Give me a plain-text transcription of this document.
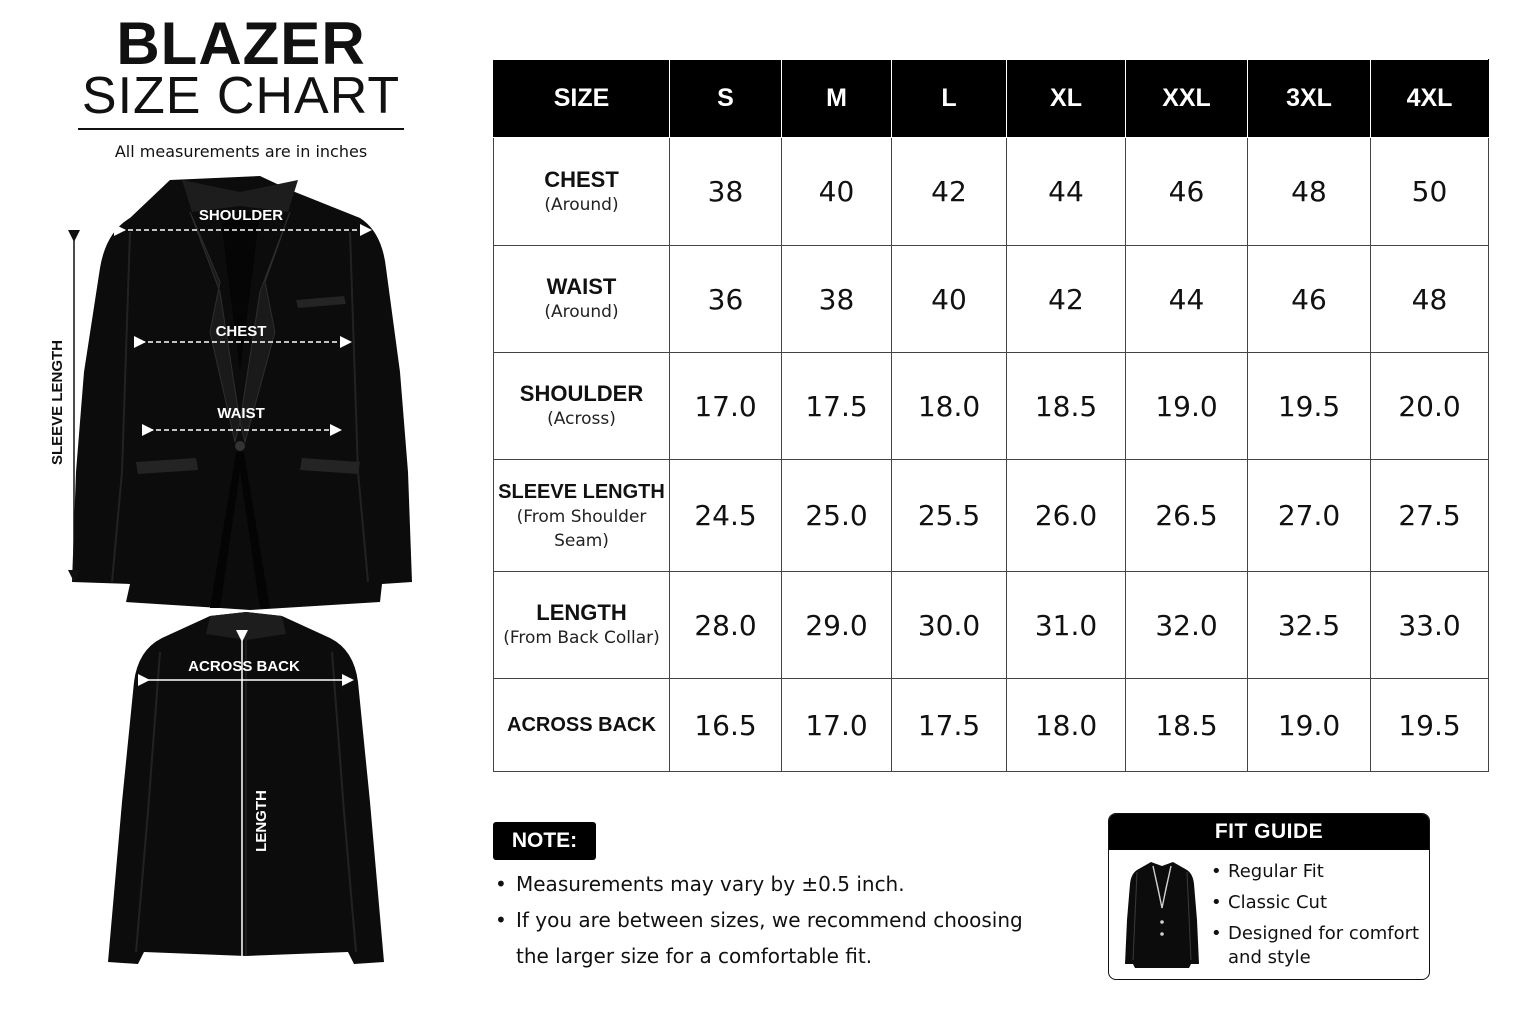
BLAZER
SIZE CHART
All measurements are in inches
SHOULDER
CHEST
WAIST
SLEEVE LENGTH
ACROSS BACK
LENGTH
SIZE	S	M	L	XL	XXL	3XL	4XL

CHEST
(Around)	38	40	42	44	46	48	50

WAIST
(Around)	36	38	40	42	44	46	48

SHOULDER
(Across)	17.0	17.5	18.0	18.5	19.0	19.5	20.0

SLEEVE LENGTH
(From Shoulder Seam)	24.5	25.0	25.5	26.0	26.5	27.0	27.5

LENGTH
(From Back Collar)	28.0	29.0	30.0	31.0	32.0	32.5	33.0

ACROSS BACK	16.5	17.0	17.5	18.0	18.5	19.0	19.5
NOTE:
• Measurements may vary by ±0.5 inch.
• If you are between sizes, we recommend choosing the larger size for a comfortable fit.
FIT GUIDE
• Regular Fit
• Classic Cut
• Designed for comfort and style
